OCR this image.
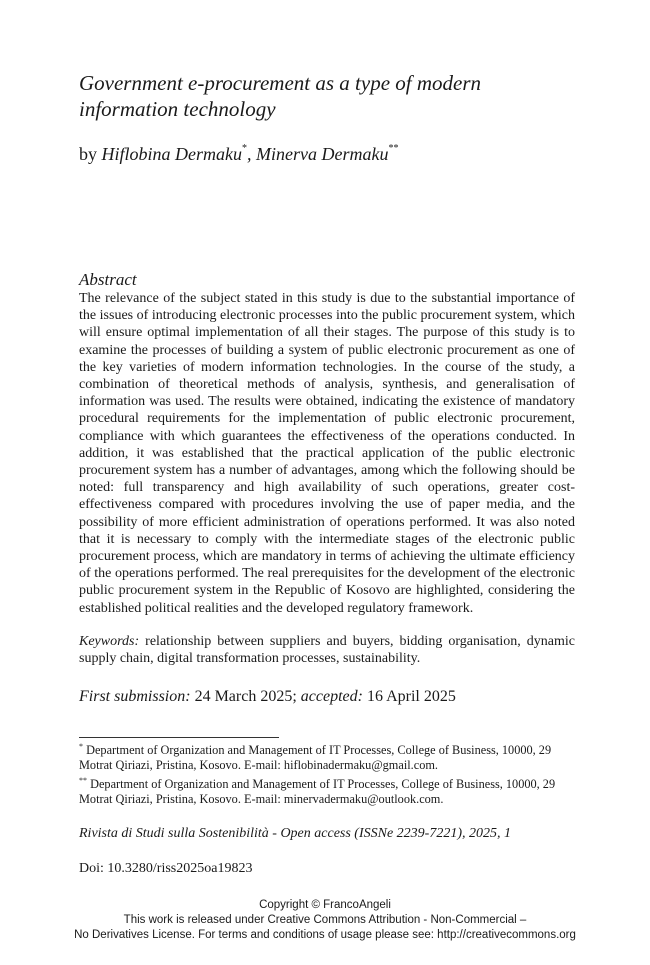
Government e-procurement as a type of modern information technology
by Hiflobina Dermaku*, Minerva Dermaku**
Abstract

The relevance of the subject stated in this study is due to the substantial importance of the issues of introducing electronic processes into the public procurement system, which will ensure optimal implementation of all their stages. The purpose of this study is to examine the processes of building a system of public electronic procurement as one of the key varieties of modern information technologies. In the course of the study, a combination of theoretical methods of analysis, synthesis, and generalisation of information was used. The results were obtained, indicating the existence of mandatory procedural requirements for the implementation of public electronic procurement, compliance with which guarantees the effectiveness of the operations conducted. In addition, it was established that the practical application of the public electronic procurement system has a number of advantages, among which the following should be noted: full transparency and high availability of such operations, greater cost-effectiveness compared with procedures involving the use of paper media, and the possibility of more efficient administration of operations performed. It was also noted that it is necessary to comply with the intermediate stages of the electronic public procurement process, which are mandatory in terms of achieving the ultimate efficiency of the operations performed. The real prerequisites for the development of the electronic public procurement system in the Republic of Kosovo are highlighted, considering the established political realities and the developed regulatory framework.

Keywords: relationship between suppliers and buyers, bidding organisation, dynamic supply chain, digital transformation processes, sustainability.

First submission: 24 March 2025; accepted: 16 April 2025

* Department of Organization and Management of IT Processes, College of Business, 10000, 29 Motrat Qiriazi, Pristina, Kosovo. E-mail: hiflobinadermaku@gmail.com.

** Department of Organization and Management of IT Processes, College of Business, 10000, 29 Motrat Qiriazi, Pristina, Kosovo. E-mail: minervadermaku@outlook.com.

Rivista di Studi sulla Sostenibilità - Open access (ISSNe 2239-7221), 2025, 1
Doi: 10.3280/riss2025oa19823
Copyright © FrancoAngeli
This work is released under Creative Commons Attribution - Non-Commercial –
No Derivatives License. For terms and conditions of usage please see: http://creativecommons.org
